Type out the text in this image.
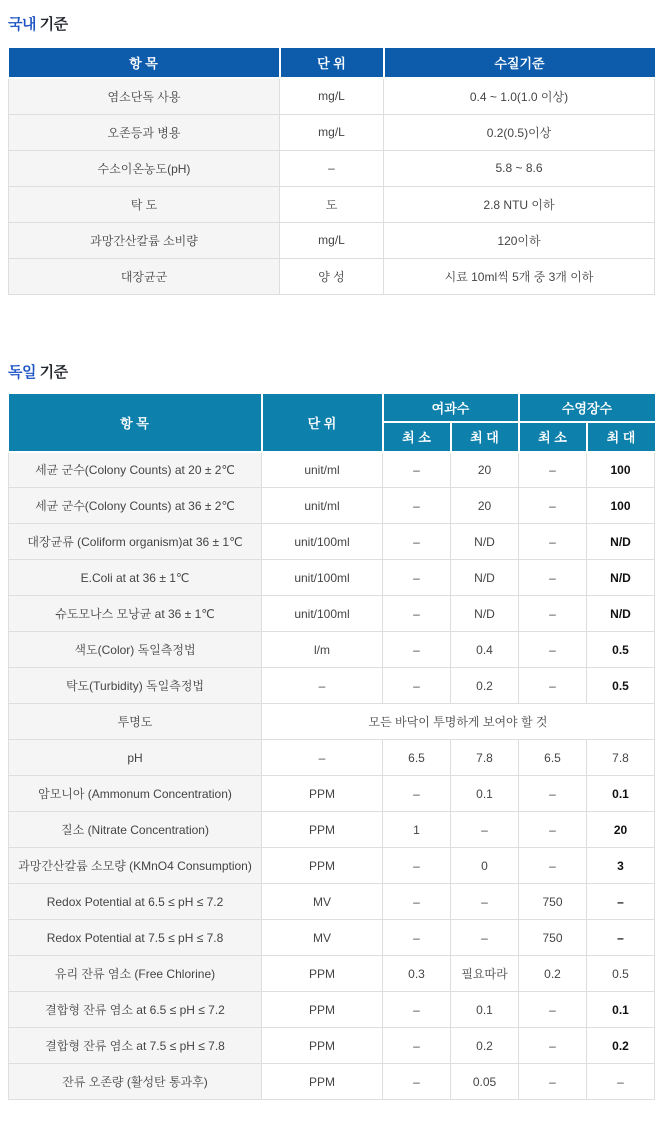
국내 기준
항 목	단 위	수질기준
염소단독 사용	mg/L	0.4 ~ 1.0(1.0 이상)
오존등과 병용	mg/L	0.2(0.5)이상
수소이온농도(pH)	–	5.8 ~ 8.6
탁 도	도	2.8 NTU 이하
과망간산칼륨 소비량	mg/L	120이하
대장균군	양 성	시료 10ml씩 5개 중 3개 이하
독일 기준
항 목	단 위	여과수		수영장수	
		최 소	최 대	최 소	최 대
세균 군수(Colony Counts) at 20 ± 2℃	unit/ml	–	20	–	100
세균 군수(Colony Counts) at 36 ± 2℃	unit/ml	–	20	–	100
대장균류 (Coliform organism)at 36 ± 1℃	unit/100ml	–	N/D	–	N/D
E.Coli at at 36 ± 1℃	unit/100ml	–	N/D	–	N/D
슈도모나스 모낭균 at 36 ± 1℃	unit/100ml	–	N/D	–	N/D
색도(Color) 독일측정법	l/m	–	0.4	–	0.5
탁도(Turbidity) 독일측정법	–	–	0.2	–	0.5
투명도	모든 바닥이 투명하게 보여야 할 것				
pH	–	6.5	7.8	6.5	7.8
암모니아 (Ammonum Concentration)	PPM	–	0.1	–	0.1
질소 (Nitrate Concentration)	PPM	1	–	–	20
과망간산칼륨 소모량 (KMnO4 Consumption)	PPM	–	0	–	3
Redox Potential at 6.5 ≤ pH ≤ 7.2	MV	–	–	750	–
Redox Potential at 7.5 ≤ pH ≤ 7.8	MV	–	–	750	–
유리 잔류 염소 (Free Chlorine)	PPM	0.3	필요따라	0.2	0.5
결합형 잔류 염소 at 6.5 ≤ pH ≤ 7.2	PPM	–	0.1	–	0.1
결합형 잔류 염소 at 7.5 ≤ pH ≤ 7.8	PPM	–	0.2	–	0.2
잔류 오존량 (활성탄 통과후)	PPM	–	0.05	–	–
